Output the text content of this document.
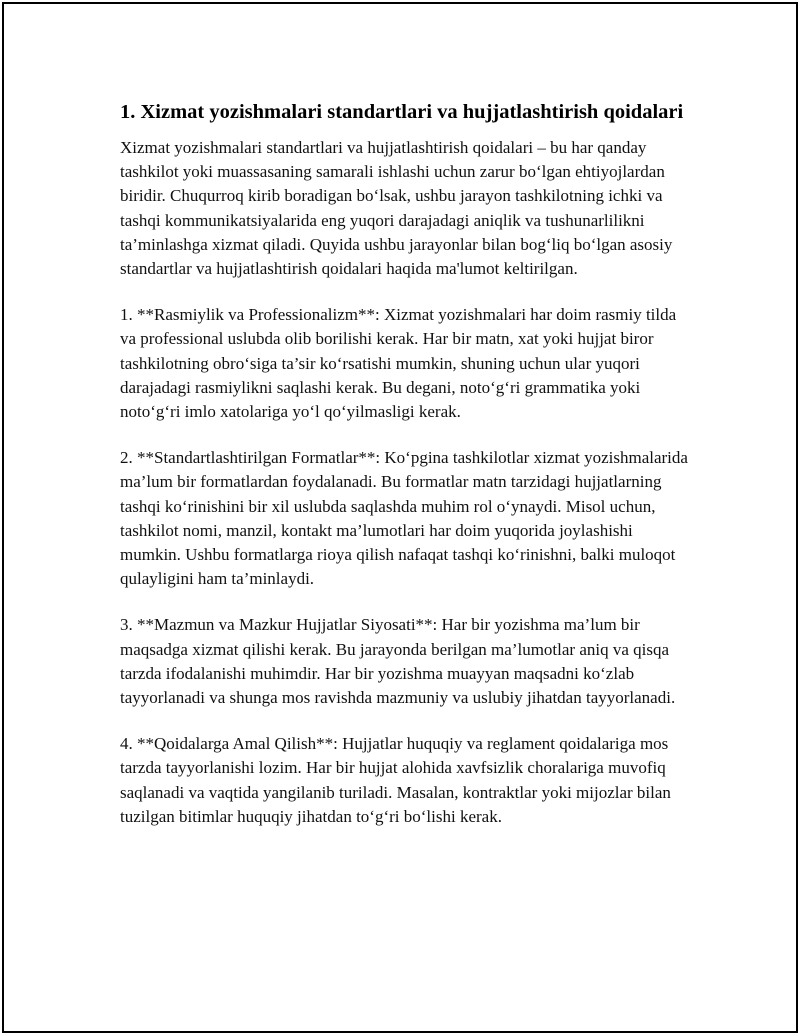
1. Xizmat yozishmalari standartlari va hujjatlashtirish qoidalari

Xizmat yozishmalari standartlari va hujjatlashtirish qoidalari – bu har qanday tashkilot yoki muassasaning samarali ishlashi uchun zarur bo‘lgan ehtiyojlardan biridir. Chuqurroq kirib boradigan bo‘lsak, ushbu jarayon tashkilotning ichki va tashqi kommunikatsiyalarida eng yuqori darajadagi aniqlik va tushunarlilikni ta’minlashga xizmat qiladi. Quyida ushbu jarayonlar bilan bog‘liq bo‘lgan asosiy standartlar va hujjatlashtirish qoidalari haqida ma'lumot keltirilgan.

1. **Rasmiylik va Professionalizm**: Xizmat yozishmalari har doim rasmiy tilda va professional uslubda olib borilishi kerak. Har bir matn, xat yoki hujjat biror tashkilotning obro‘siga ta’sir ko‘rsatishi mumkin, shuning uchun ular yuqori darajadagi rasmiylikni saqlashi kerak. Bu degani, noto‘g‘ri grammatika yoki noto‘g‘ri imlo xatolariga yo‘l qo‘yilmasligi kerak.

2. **Standartlashtirilgan Formatlar**: Ko‘pgina tashkilotlar xizmat yozishmalarida ma’lum bir formatlardan foydalanadi. Bu formatlar matn tarzidagi hujjatlarning tashqi ko‘rinishini bir xil uslubda saqlashda muhim rol o‘ynaydi. Misol uchun, tashkilot nomi, manzil, kontakt ma’lumotlari har doim yuqorida joylashishi mumkin. Ushbu formatlarga rioya qilish nafaqat tashqi ko‘rinishni, balki muloqot qulayligini ham ta’minlaydi.

3. **Mazmun va Mazkur Hujjatlar Siyosati**: Har bir yozishma ma’lum bir maqsadga xizmat qilishi kerak. Bu jarayonda berilgan ma’lumotlar aniq va qisqa tarzda ifodalanishi muhimdir. Har bir yozishma muayyan maqsadni ko‘zlab tayyorlanadi va shunga mos ravishda mazmuniy va uslubiy jihatdan tayyorlanadi.

4. **Qoidalarga Amal Qilish**: Hujjatlar huquqiy va reglament qoidalariga mos tarzda tayyorlanishi lozim. Har bir hujjat alohida xavfsizlik choralariga muvofiq saqlanadi va vaqtida yangilanib turiladi. Masalan, kontraktlar yoki mijozlar bilan tuzilgan bitimlar huquqiy jihatdan to‘g‘ri bo‘lishi kerak.
